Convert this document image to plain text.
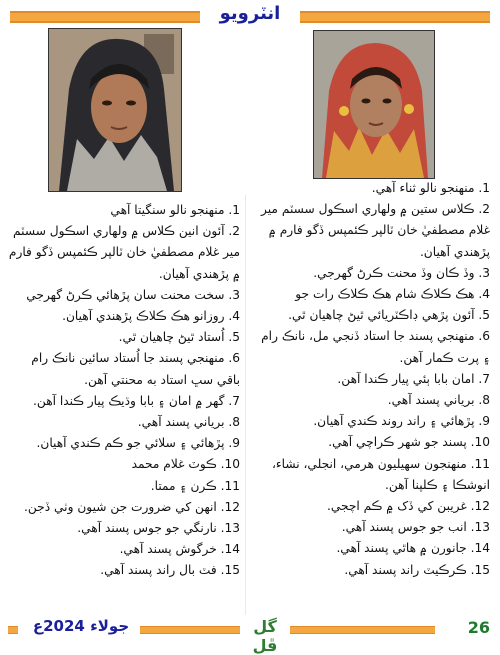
انٽرويو
1. منهنجو نالو سنگيتا آهي
2. آئون انين ڪلاس ۾ ولهاري اسڪول سسٽم مير غلام مصطفيٰ خان ٽالپر ڪئمپس ڏگو فارم ۾ پڙهندي آهيان.
3. سخت محنت سان پڙهائي ڪرڻ گهرجي
4. روزانو هڪ ڪلاڪ پڙهندي آهيان.
5. اُستاد ٿيڻ چاهيان ٿي.
6. منهنجي پسند جا اُستاد سائين نانڪ رام باقي سڀ استاد به محنتي آهن.
7. گهر ۾ امان ۽ بابا وڌيڪ پيار ڪندا آهن.
8. برياني پسند آهي.
9. پڙهائي ۽ سلائي جو ڪم ڪندي آهيان.
10. ڪوٽ غلام محمد
11. ڪرن ۽ ممتا.
12. انهن کي ضرورت جن شيون وٺي ڏجن.
13. نارنگي جو جوس پسند آهي.
14. خرگوش پسند آهي.
15. فٽ بال راند پسند آهي.
1. منهنجو نالو ثناء آهي.
2. ڪلاس ستين ۾ ولهاري اسڪول سسٽم مير غلام مصطفيٰ خان ٽالپر ڪئمپس ڏگو فارم ۾ پڙهندي آهيان.
3. وڏ ڪان وڏ محنت ڪرڻ گهرجي.
4. هڪ ڪلاڪ شام هڪ ڪلاڪ رات جو
5. آئون پڙهي ڊاڪٽريائي ٿيڻ چاهيان ٿي.
6. منهنجي پسند جا استاد ڏنجي مل، نانڪ رام ۽ پرت ڪمار آهن.
7. امان بابا ٻئي پيار ڪندا آهن.
8. برياني پسند آهي.
9. پڙهائي ۽ راند روند ڪندي آهيان.
10. پسند جو شهر ڪراچي آهي.
11. منهنجون سهيليون هرمي، انجلي، نشاء، انوشڪا ۽ ڪلپنا آهن.
12. غريبن کي ڏک ۾ ڪم اچجي.
13. انب جو جوس پسند آهي.
14. جانورن ۾ هاٿي پسند آهي.
15. ڪرڪيٽ راند پسند آهي.
جولاء 2024ع	گل ڦل
26
